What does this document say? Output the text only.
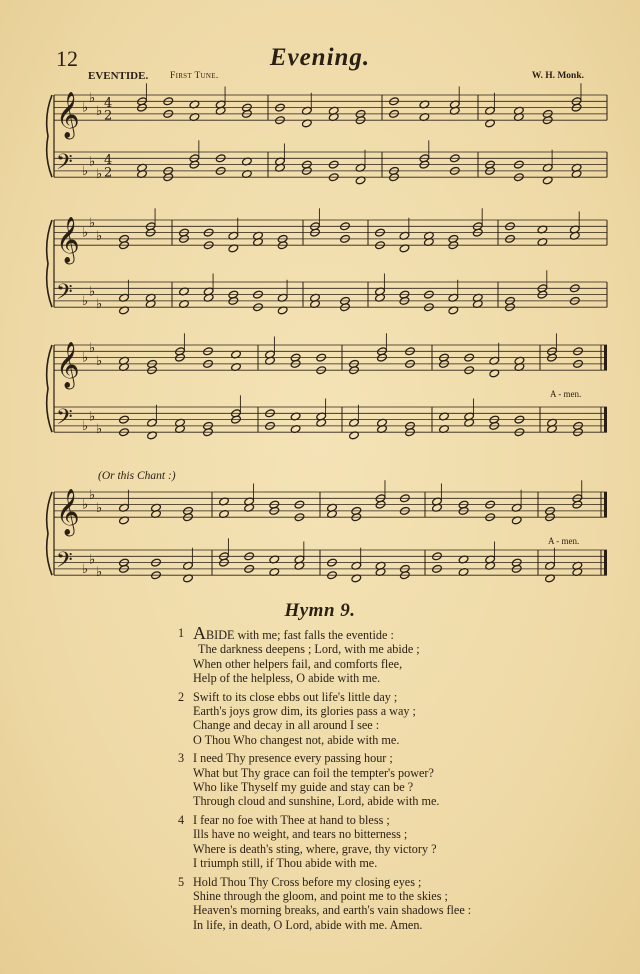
12	Evening.
EVENTIDE. First Tune.	W. H. Monk.
𝄞 ♭
♭
♭
4
2
𝄢 ♭
♭
♭
4
2
𝄞 ♭
♭
♭
𝄢 ♭
♭
♭
𝄞 ♭
♭
♭
𝄢 ♭
♭
♭
𝄞 ♭
♭
♭
𝄢 ♭
♭
♭
(Or this Chant :)
A - men.
A - men.
Hymn 9.
1 ABIDE with me; fast falls the eventide :
The darkness deepens ; Lord, with me abide ;
When other helpers fail, and comforts flee,
Help of the helpless, O abide with me.
2 Swift to its close ebbs out life's little day ;
Earth's joys grow dim, its glories pass a way ;
Change and decay in all around I see :
O Thou Who changest not, abide with me.
3 I need Thy presence every passing hour ;
What but Thy grace can foil the tempter's power?
Who like Thyself my guide and stay can be ?
Through cloud and sunshine, Lord, abide with me.
4 I fear no foe with Thee at hand to bless ;
Ills have no weight, and tears no bitterness ;
Where is death's sting, where, grave, thy victory ?
I triumph still, if Thou abide with me.
5 Hold Thou Thy Cross before my closing eyes ;
Shine through the gloom, and point me to the skies ;
Heaven's morning breaks, and earth's vain shadows flee :
In life, in death, O Lord, abide with me. Amen.
